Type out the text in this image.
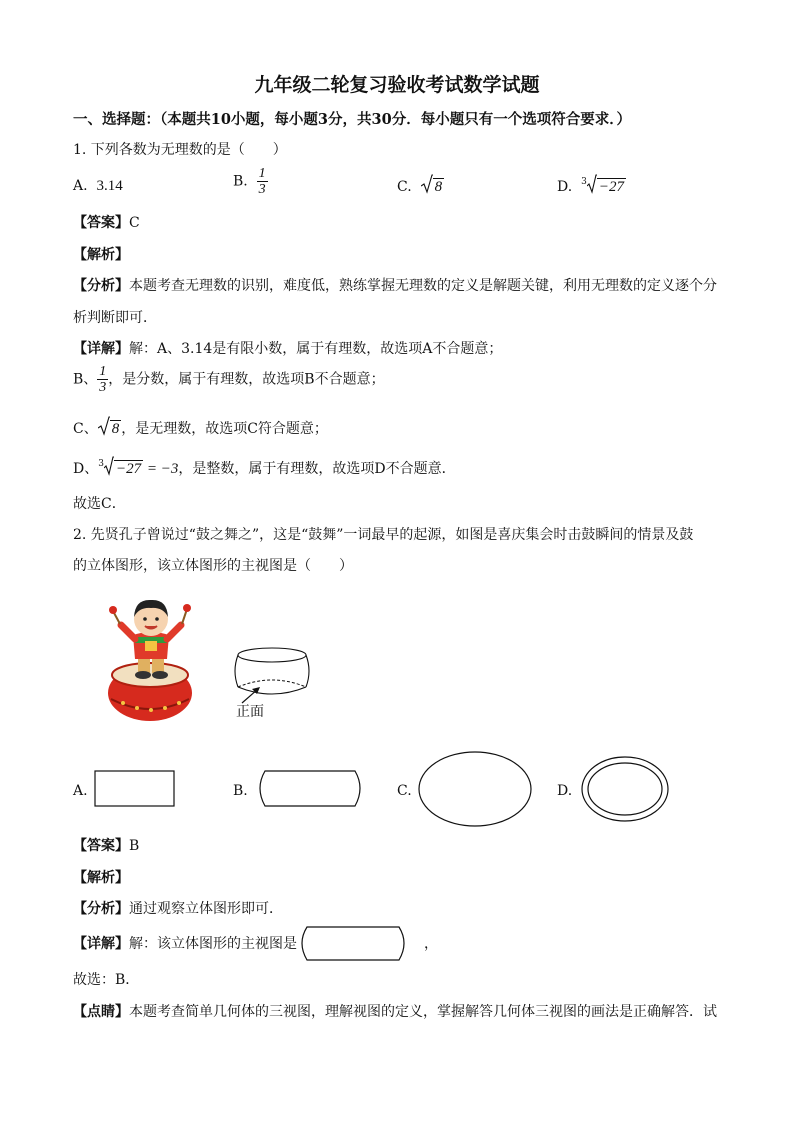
九年级二轮复习验收考试数学试题
一、选择题：（本题共10小题，每小题3分，共30分．每小题只有一个选项符合要求．）
1. 下列各数为无理数的是（　　）
A. 3.14	B. $\frac{1}{3}$	C. 8	D. $^3$ −27
【答案】C
【解析】
【分析】本题考查无理数的识别，难度低，熟练掌握无理数的定义是解题关键，利用无理数的定义逐个分
析判断即可．
【详解】解：A、3.14是有限小数，属于有理数，故选项A不合题意；
B、 $\frac{1}{3}$ ，是分数，属于有理数，故选项B不合题意；
C、 8 ，是无理数，故选项C符合题意；
D、$^3$ −27 = −3，是整数，属于有理数，故选项D不合题意．
故选C．
2. 先贤孔子曾说过“鼓之舞之”，这是“鼓舞”一词最早的起源，如图是喜庆集会时击鼓瞬间的情景及鼓
的立体图形，该立体图形的主视图是（　　）
正面
A.	B.	C.	D.
【答案】B
【解析】
【分析】通过观察立体图形即可．
【详解】解：该立体图形的主视图是	，
故选：B．
【点睛】本题考查简单几何体的三视图，理解视图的定义，掌握解答几何体三视图的画法是正确解答．试
